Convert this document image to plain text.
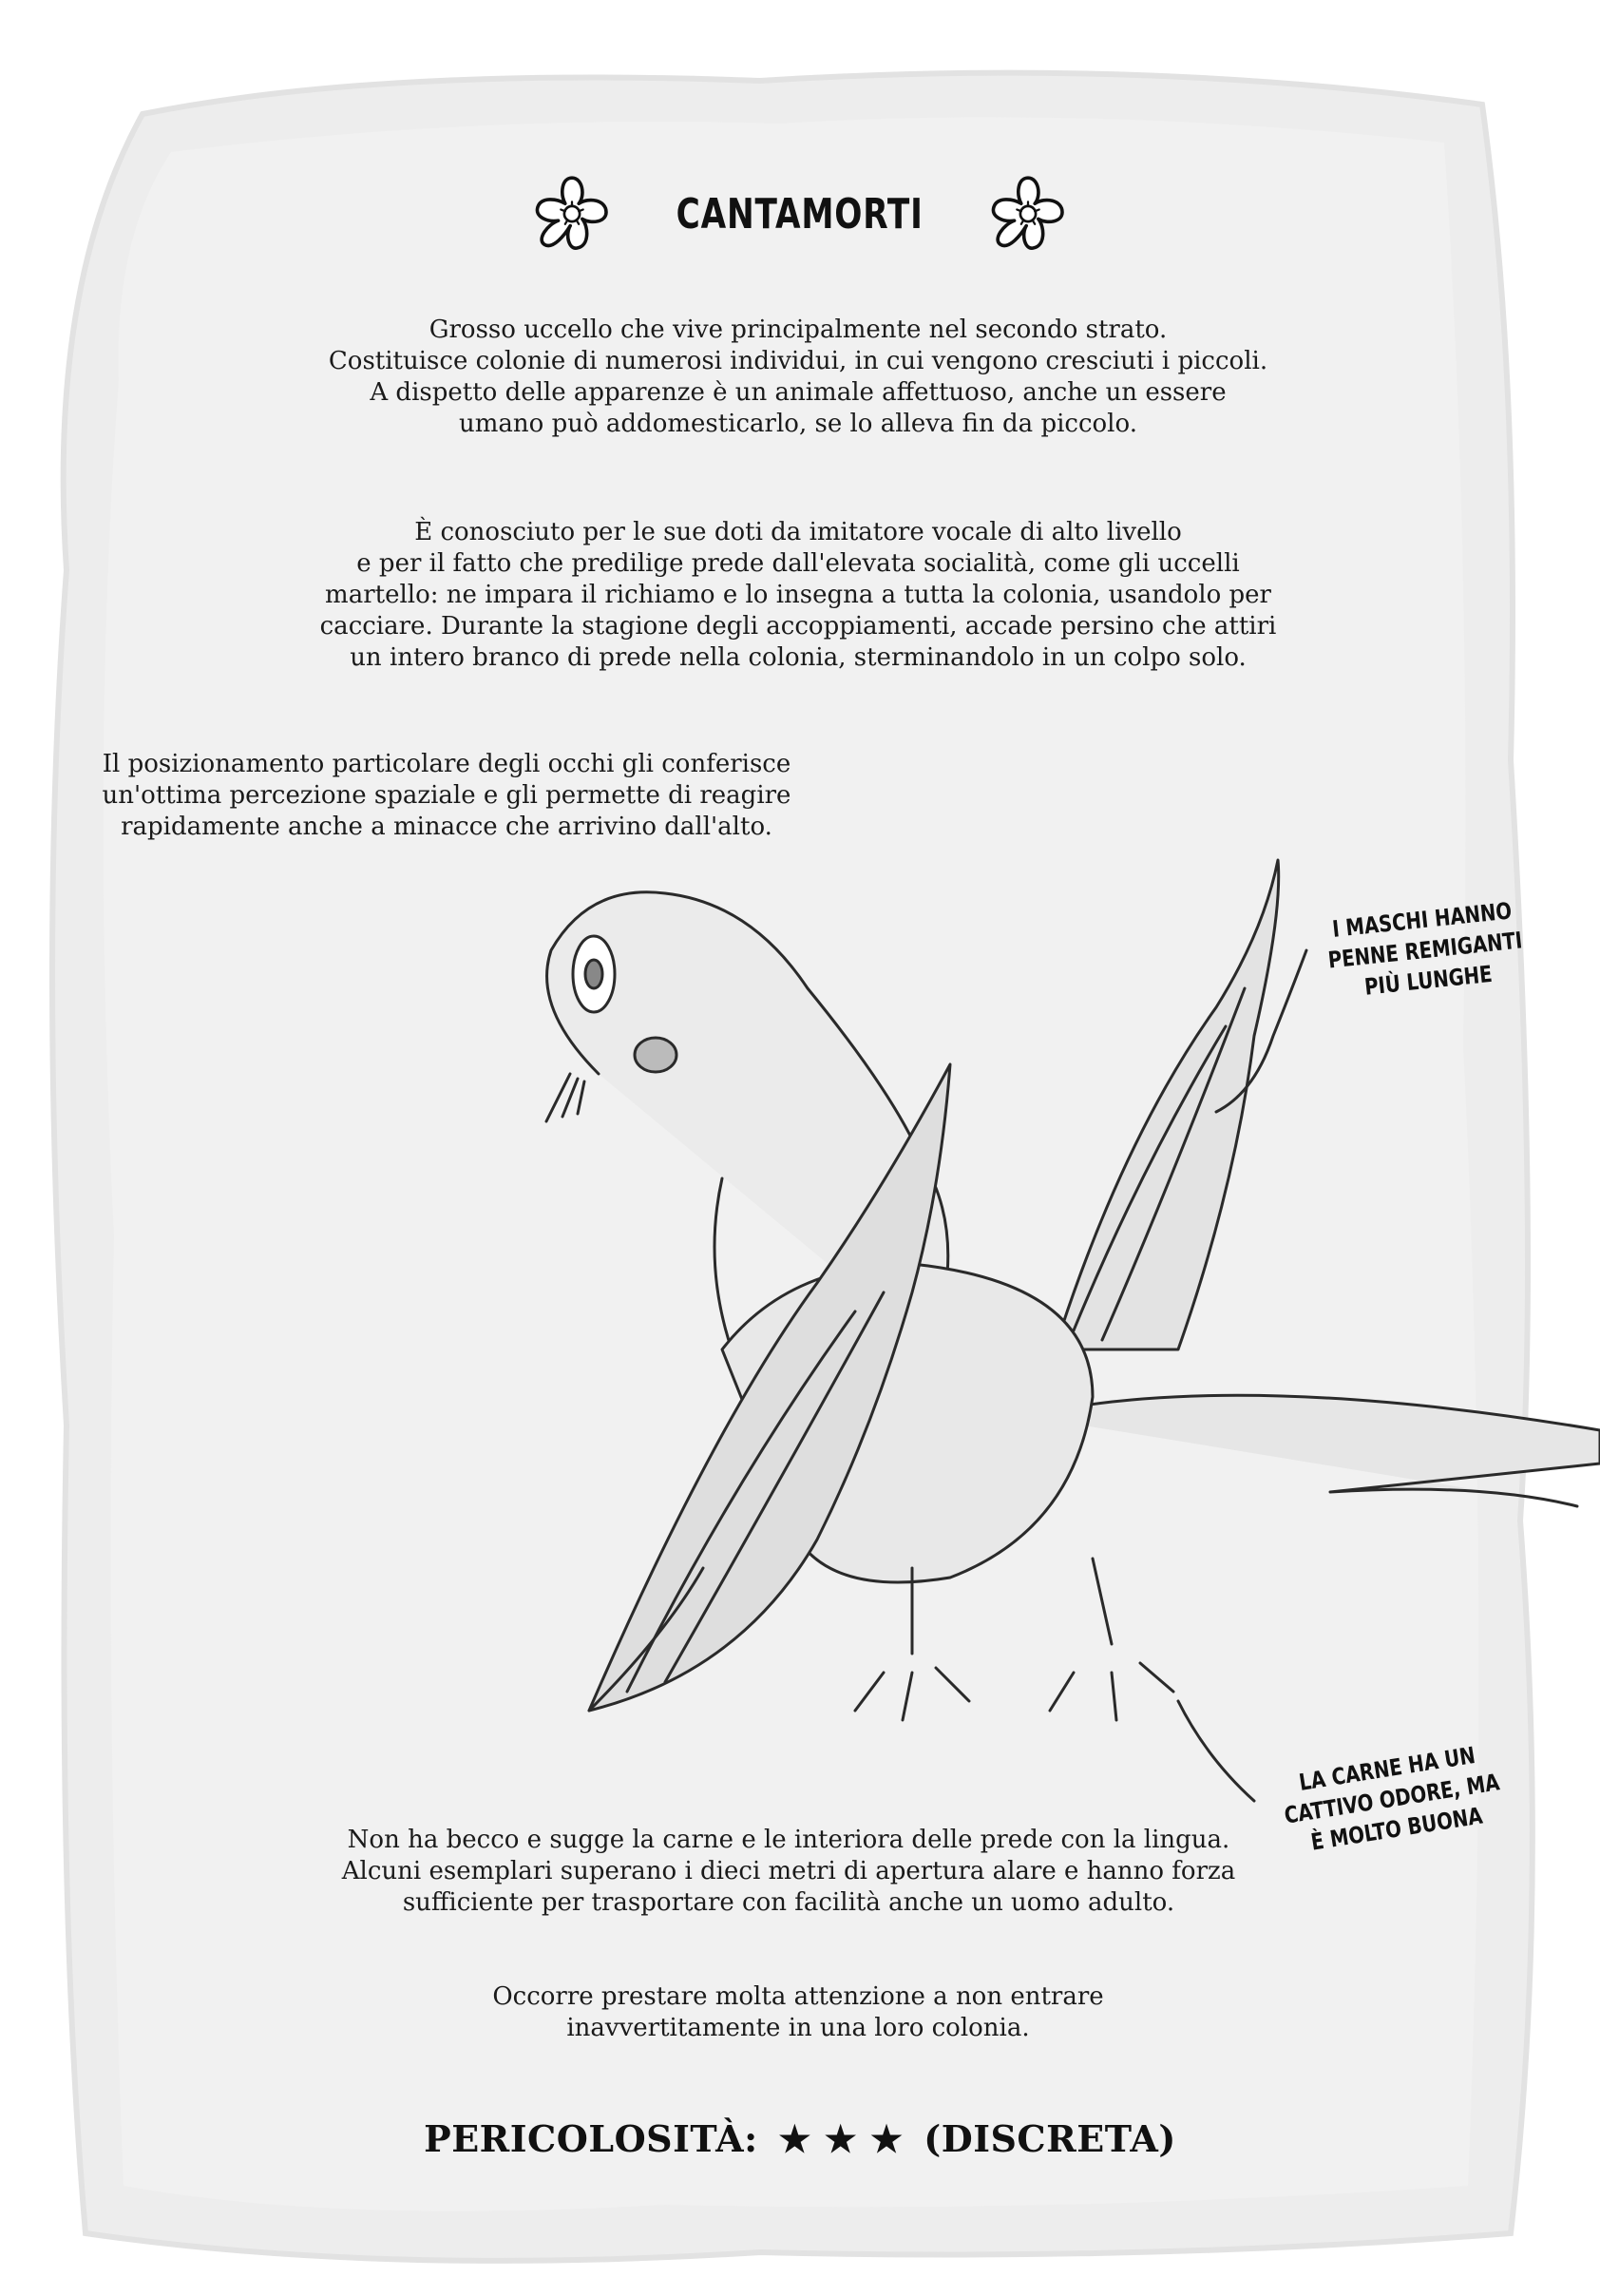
CANTAMORTI
Grosso uccello che vive principalmente nel secondo strato.
Costituisce colonie di numerosi individui, in cui vengono cresciuti i piccoli.
A dispetto delle apparenze è un animale affettuoso, anche un essere
umano può addomesticarlo, se lo alleva fin da piccolo.
È conosciuto per le sue doti da imitatore vocale di alto livello
e per il fatto che predilige prede dall'elevata socialità, come gli uccelli
martello: ne impara il richiamo e lo insegna a tutta la colonia, usandolo per
cacciare. Durante la stagione degli accoppiamenti, accade persino che attiri
un intero branco di prede nella colonia, sterminandolo in un colpo solo.
Il posizionamento particolare degli occhi gli conferisce
un'ottima percezione spaziale e gli permette di reagire
rapidamente anche a minacce che arrivino dall'alto.
I MASCHI HANNO
PENNE REMIGANTI
PIÙ LUNGHE
LA CARNE HA UN
CATTIVO ODORE, MA
È MOLTO BUONA
Non ha becco e sugge la carne e le interiora delle prede con la lingua.
Alcuni esemplari superano i dieci metri di apertura alare e hanno forza
sufficiente per trasportare con facilità anche un uomo adulto.
Occorre prestare molta attenzione a non entrare
inavvertitamente in una loro colonia.
PERICOLOSITÀ: ★ ★ ★ (DISCRETA)
